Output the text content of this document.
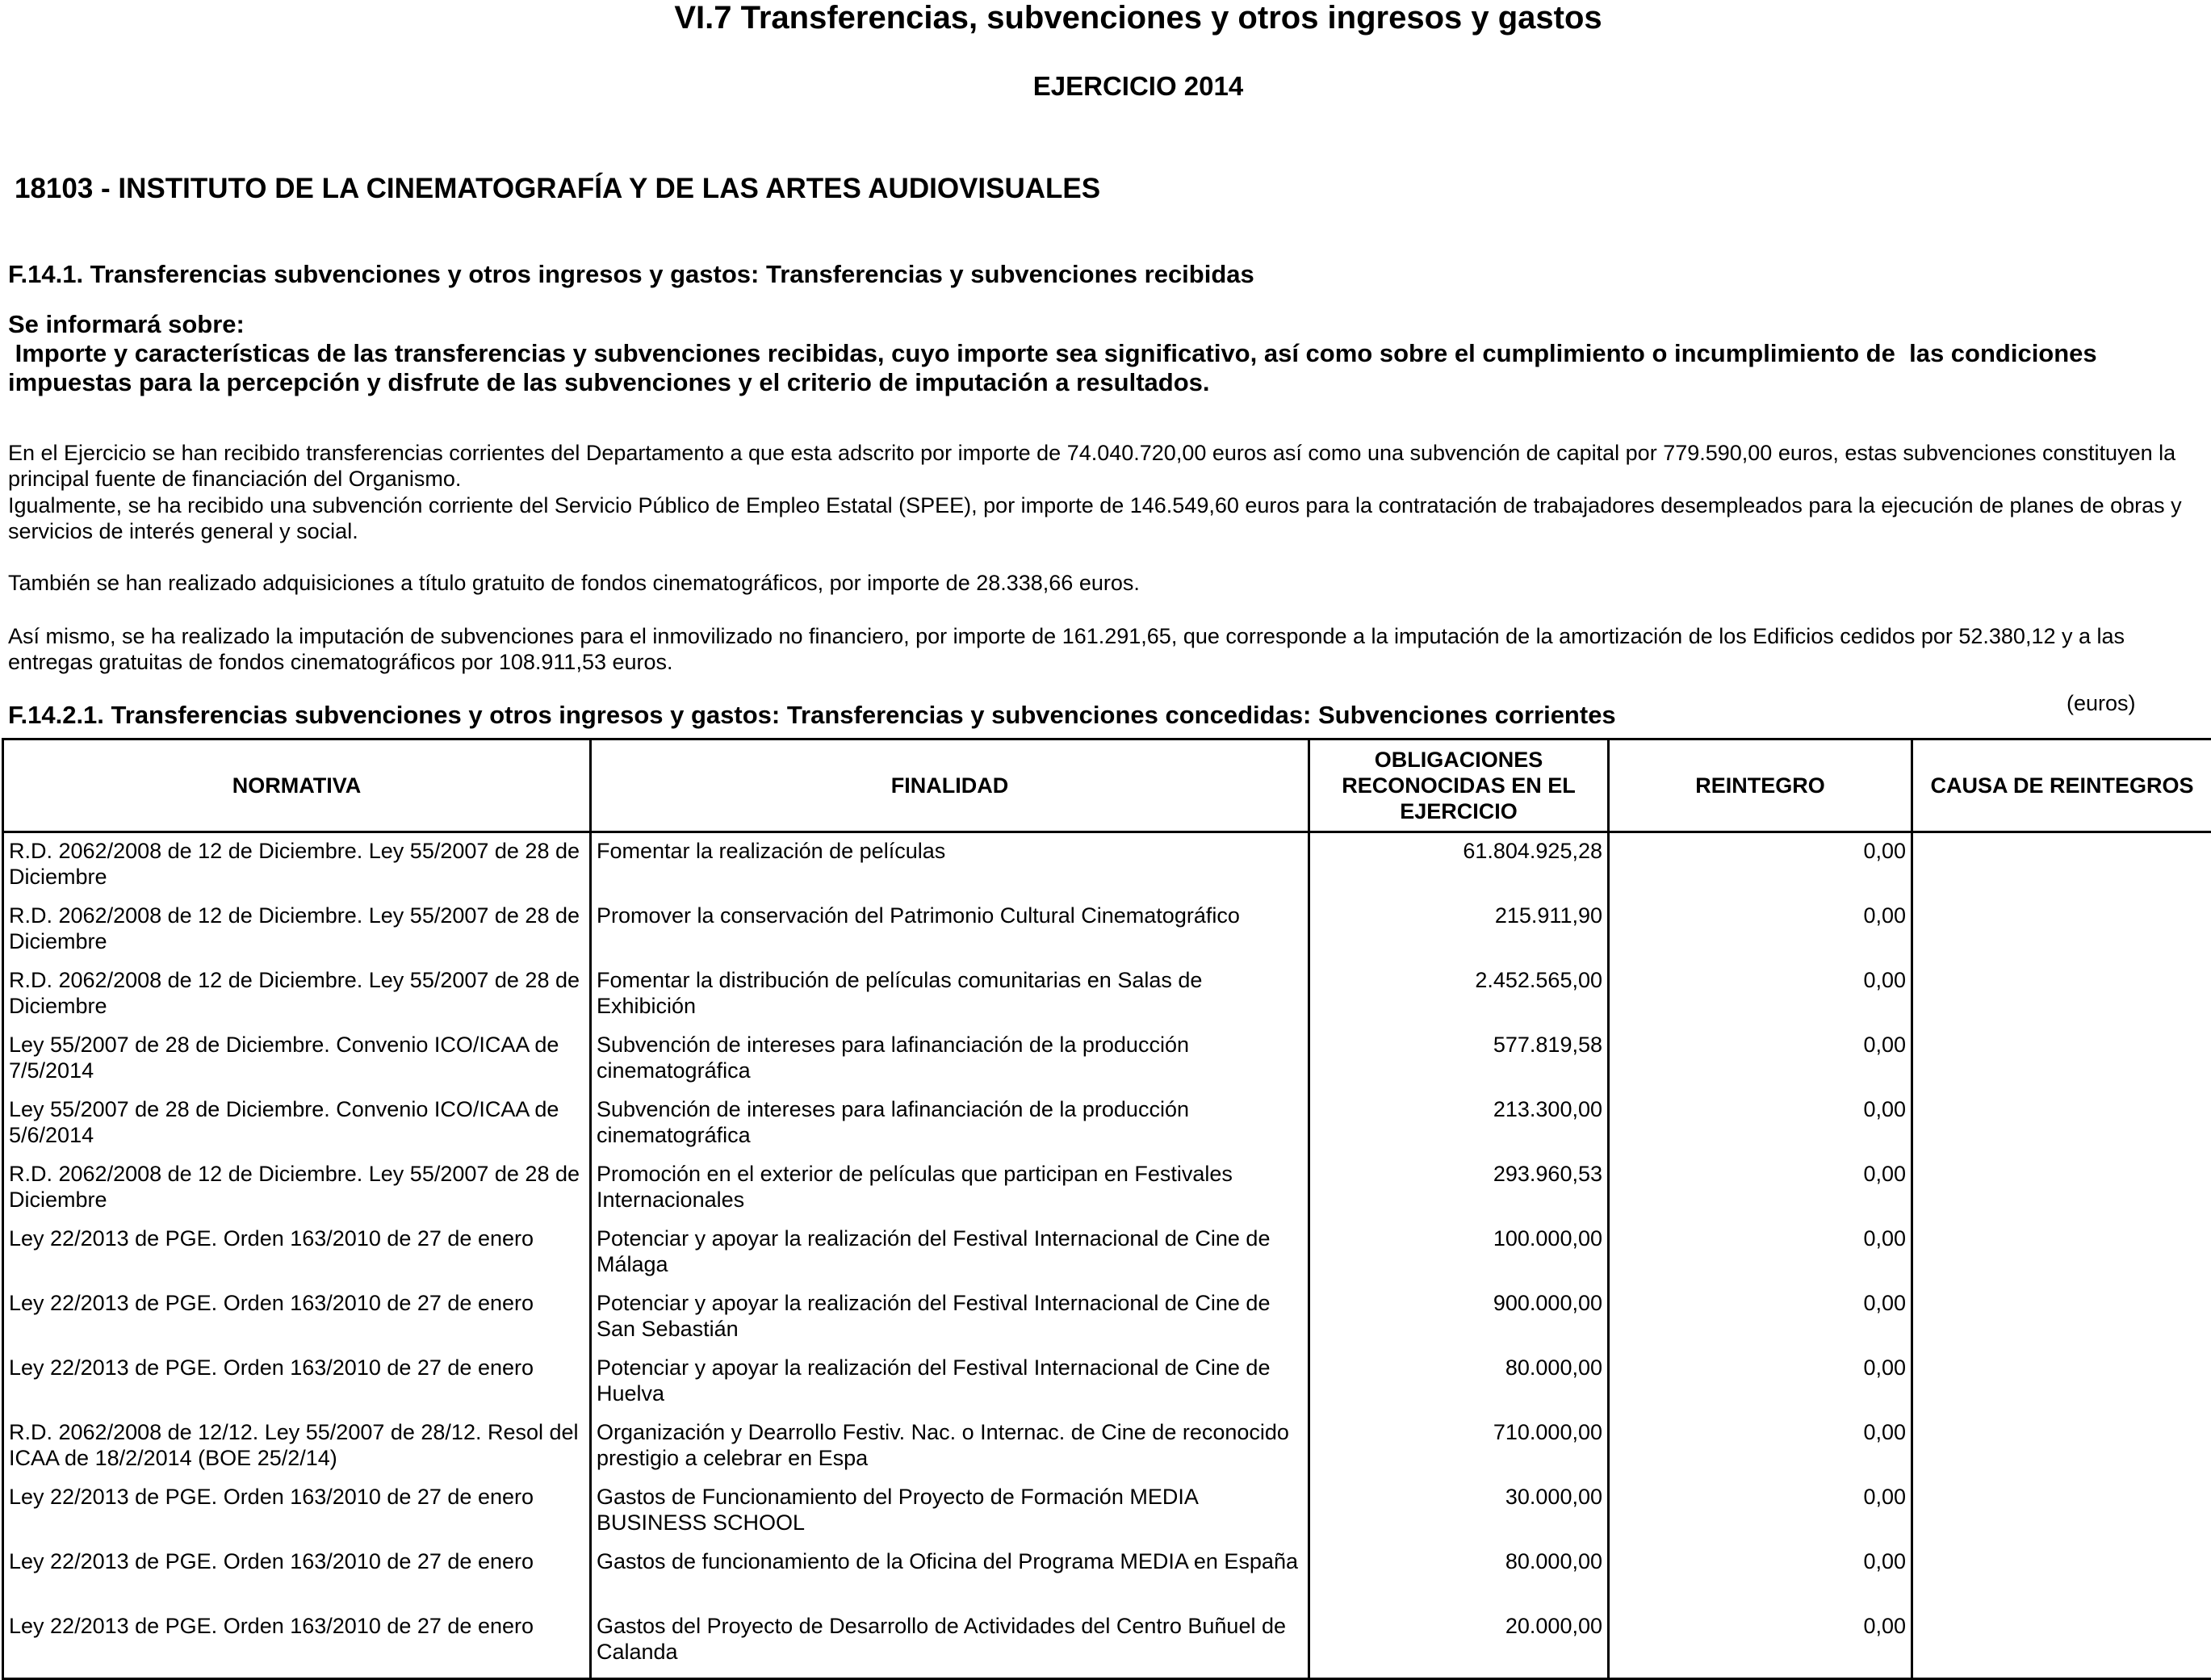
VI.7 Transferencias, subvenciones y otros ingresos y gastos
EJERCICIO 2014
18103 - INSTITUTO DE LA CINEMATOGRAFÍA Y DE LAS ARTES AUDIOVISUALES
F.14.1. Transferencias subvenciones y otros ingresos y gastos: Transferencias y subvenciones recibidas
Se informará sobre:
Importe y características de las transferencias y subvenciones recibidas, cuyo importe sea significativo, así como sobre el cumplimiento o incumplimiento de  las condiciones impuestas para la percepción y disfrute de las subvenciones y el criterio de imputación a resultados.
En el Ejercicio se han recibido transferencias corrientes del Departamento a que esta adscrito por importe de 74.040.720,00 euros así como una subvención de capital por 779.590,00 euros, estas subvenciones constituyen la principal fuente de financiación del Organismo.
Igualmente, se ha recibido una subvención corriente del Servicio Público de Empleo Estatal (SPEE), por importe de 146.549,60 euros para la contratación de trabajadores desempleados para la ejecución de planes de obras y servicios de interés general y social.
También se han realizado adquisiciones a título gratuito de fondos cinematográficos, por importe de 28.338,66 euros.
Así mismo, se ha realizado la imputación de subvenciones para el inmovilizado no financiero, por importe de 161.291,65, que corresponde a la imputación de la amortización de los Edificios cedidos por 52.380,12 y a las entregas gratuitas de fondos cinematográficos por 108.911,53 euros.
F.14.2.1. Transferencias subvenciones y otros ingresos y gastos: Transferencias y subvenciones concedidas: Subvenciones corrientes	(euros)
NORMATIVA	FINALIDAD	OBLIGACIONES RECONOCIDAS EN EL EJERCICIO	REINTEGRO	CAUSA DE REINTEGROS
R.D. 2062/2008 de 12 de Diciembre. Ley 55/2007 de 28 de Diciembre	Fomentar la realización de películas	61.804.925,28	0,00	
R.D. 2062/2008 de 12 de Diciembre. Ley 55/2007 de 28 de Diciembre	Promover la conservación del Patrimonio Cultural Cinematográfico	215.911,90	0,00	
R.D. 2062/2008 de 12 de Diciembre. Ley 55/2007 de 28 de Diciembre	Fomentar la distribución de películas comunitarias en Salas de Exhibición	2.452.565,00	0,00	
Ley 55/2007 de 28 de Diciembre. Convenio ICO/ICAA de 7/5/2014	Subvención de intereses para lafinanciación de la producción cinematográfica	577.819,58	0,00	
Ley 55/2007 de 28 de Diciembre. Convenio ICO/ICAA de 5/6/2014	Subvención de intereses para lafinanciación de la producción cinematográfica	213.300,00	0,00	
R.D. 2062/2008 de 12 de Diciembre. Ley 55/2007 de 28 de Diciembre	Promoción en el exterior de películas que participan en Festivales Internacionales	293.960,53	0,00	
Ley 22/2013 de PGE. Orden 163/2010 de 27 de enero	Potenciar y apoyar la realización del Festival Internacional de Cine de Málaga	100.000,00	0,00	
Ley 22/2013 de PGE. Orden 163/2010 de 27 de enero	Potenciar y apoyar la realización del Festival Internacional de Cine de San Sebastián	900.000,00	0,00	
Ley 22/2013 de PGE. Orden 163/2010 de 27 de enero	Potenciar y apoyar la realización del Festival Internacional de Cine de Huelva	80.000,00	0,00	
R.D. 2062/2008 de 12/12. Ley 55/2007 de 28/12. Resol del ICAA de 18/2/2014 (BOE 25/2/14)	Organización y Dearrollo Festiv. Nac. o Internac. de Cine de reconocido prestigio a celebrar en Espa	710.000,00	0,00	
Ley 22/2013 de PGE. Orden 163/2010 de 27 de enero	Gastos de Funcionamiento del Proyecto de Formación MEDIA BUSINESS SCHOOL	30.000,00	0,00	
Ley 22/2013 de PGE. Orden 163/2010 de 27 de enero	Gastos de funcionamiento de la Oficina del Programa MEDIA en España	80.000,00	0,00	
Ley 22/2013 de PGE. Orden 163/2010 de 27 de enero	Gastos del Proyecto de Desarrollo de Actividades del Centro Buñuel de Calanda	20.000,00	0,00	
